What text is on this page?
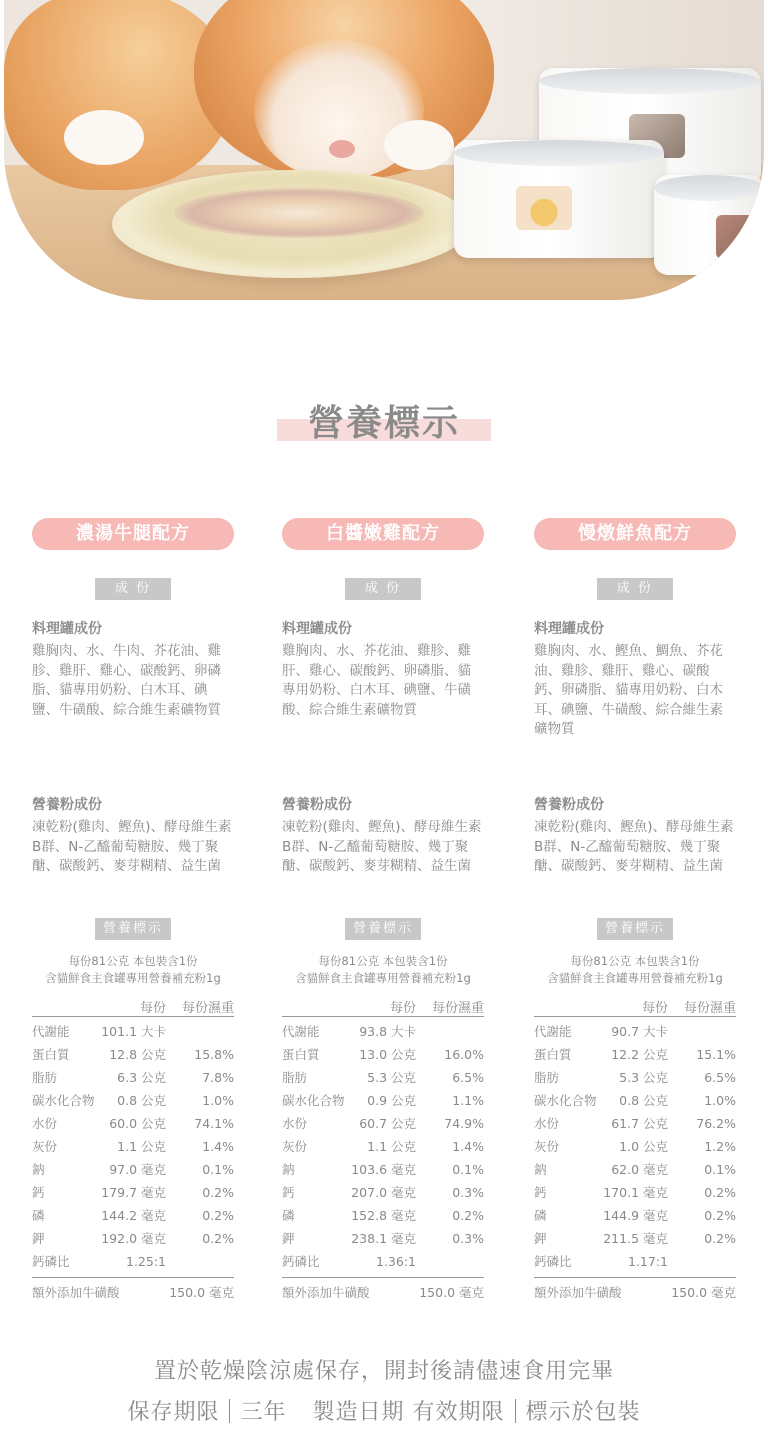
營養標示
濃湯牛腿配方
成 份
料理罐成份
雞胸肉、水、牛肉、芥花油、雞胗、雞肝、雞心、碳酸鈣、卵磷脂、貓專用奶粉、白木耳、碘鹽、牛磺酸、綜合維生素礦物質
營養粉成份
凍乾粉(雞肉、鰹魚)、酵母維生素B群、N-乙醯葡萄糖胺、幾丁聚醣、碳酸鈣、麥芽糊精、益生菌
營養標示
每份81公克 本包裝含1份
含貓鮮食主食罐專用營養補充粉1g
每份 每份濕重
代謝能	101.1 大卡
蛋白質	12.8 公克 15.8%
脂肪	6.3 公克	7.8%
碳水化合物 0.8 公克	1.0%
水份	60.0 公克 74.1%
灰份	1.1 公克	1.4%
鈉	97.0 毫克	0.1%
鈣	179.7 毫克	0.2%
磷	144.2 毫克	0.2%
鉀	192.0 毫克	0.2%
鈣磷比	1.25:1
額外添加牛磺酸	150.0 毫克
白醬嫩雞配方
成 份
料理罐成份
雞胸肉、水、芥花油、雞胗、雞肝、雞心、碳酸鈣、卵磷脂、貓專用奶粉、白木耳、碘鹽、牛磺酸、綜合維生素礦物質
營養粉成份
凍乾粉(雞肉、鰹魚)、酵母維生素B群、N-乙醯葡萄糖胺、幾丁聚醣、碳酸鈣、麥芽糊精、益生菌
營養標示
每份81公克 本包裝含1份
含貓鮮食主食罐專用營養補充粉1g
每份 每份濕重
代謝能	93.8 大卡
蛋白質	13.0 公克 16.0%
脂肪	5.3 公克	6.5%
碳水化合物 0.9 公克	1.1%
水份	60.7 公克 74.9%
灰份	1.1 公克	1.4%
鈉	103.6 毫克	0.1%
鈣	207.0 毫克	0.3%
磷	152.8 毫克	0.2%
鉀	238.1 毫克	0.3%
鈣磷比	1.36:1
額外添加牛磺酸	150.0 毫克
慢燉鮮魚配方
成 份
料理罐成份
雞胸肉、水、鰹魚、鯛魚、芥花油、雞胗、雞肝、雞心、碳酸鈣、卵磷脂、貓專用奶粉、白木耳、碘鹽、牛磺酸、綜合維生素礦物質
營養粉成份
凍乾粉(雞肉、鰹魚)、酵母維生素B群、N-乙醯葡萄糖胺、幾丁聚醣、碳酸鈣、麥芽糊精、益生菌
營養標示
每份81公克 本包裝含1份
含貓鮮食主食罐專用營養補充粉1g
每份 每份濕重
代謝能	90.7 大卡
蛋白質	12.2 公克 15.1%
脂肪	5.3 公克	6.5%
碳水化合物 0.8 公克	1.0%
水份	61.7 公克 76.2%
灰份	1.0 公克	1.2%
鈉	62.0 毫克	0.1%
鈣	170.1 毫克	0.2%
磷	144.9 毫克	0.2%
鉀	211.5 毫克	0.2%
鈣磷比	1.17:1
額外添加牛磺酸	150.0 毫克
置於乾燥陰涼處保存，開封後請儘速食用完畢
保存期限 三年 製造日期 有效期限 標示於包裝
